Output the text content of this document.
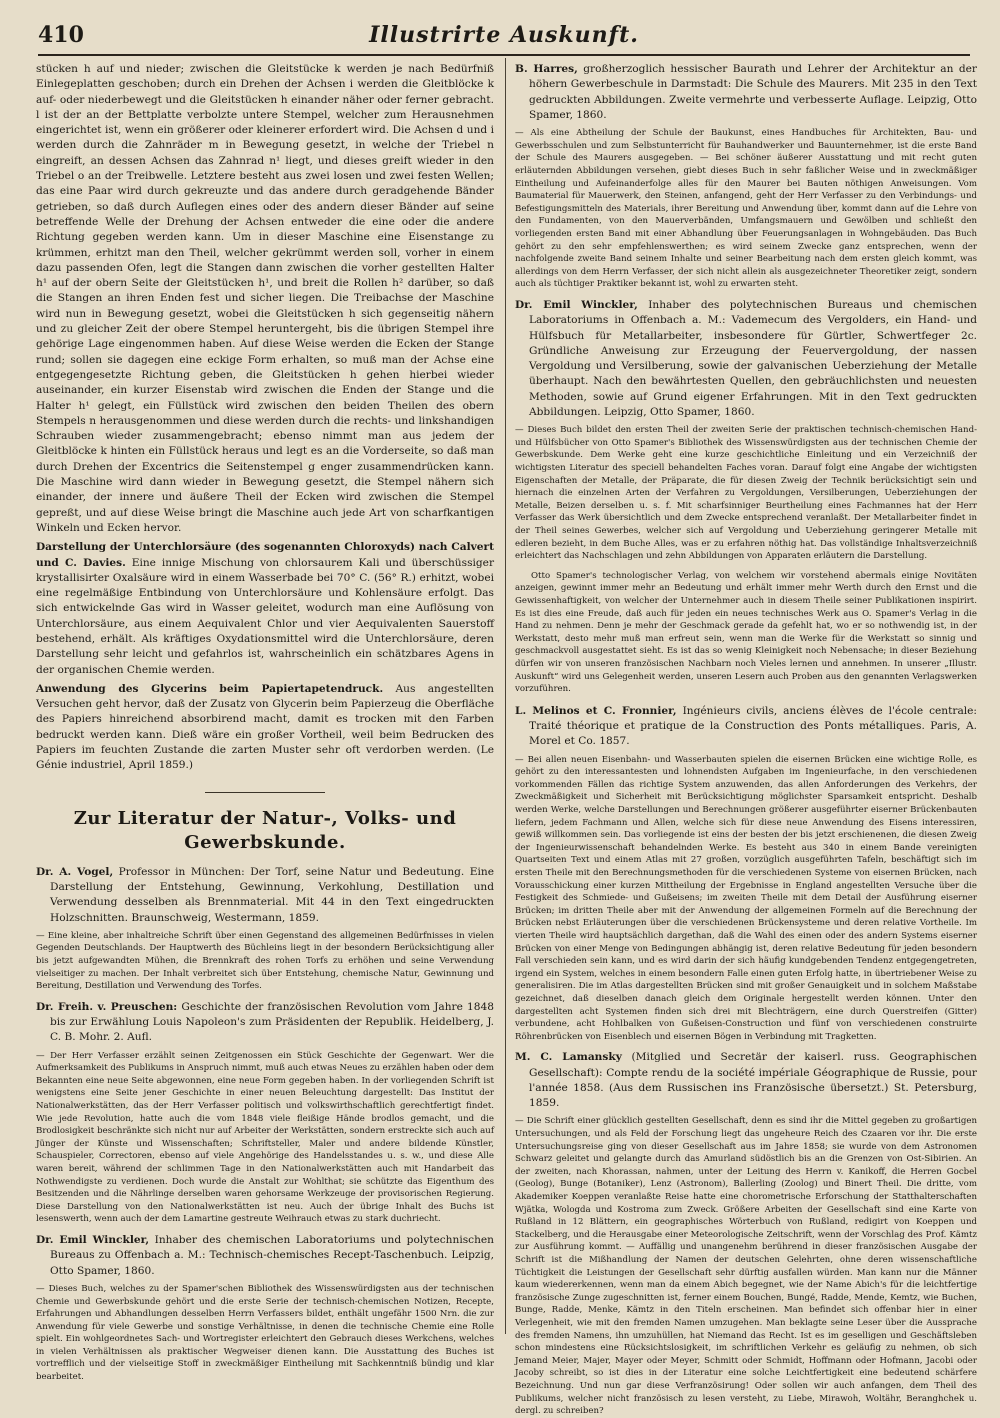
410	Illustrirte Auskunft.

stücken h auf und nieder; zwischen die Gleitstücke k werden je nach Bedürfniß Einlegeplatten geschoben; durch ein Drehen der Achsen i werden die Gleitblöcke k auf- oder niederbewegt und die Gleitstücken h einander näher oder ferner gebracht. l ist der an der Bettplatte verbolzte untere Stempel, welcher zum Herausnehmen eingerichtet ist, wenn ein größerer oder kleinerer erfordert wird. Die Achsen d und i werden durch die Zahnräder m in Bewegung gesetzt, in welche der Triebel n eingreift, an dessen Achsen das Zahnrad n¹ liegt, und dieses greift wieder in den Triebel o an der Treibwelle. Letztere besteht aus zwei losen und zwei festen Wellen; das eine Paar wird durch gekreuzte und das andere durch geradgehende Bänder getrieben, so daß durch Auflegen eines oder des andern dieser Bänder auf seine betreffende Welle der Drehung der Achsen entweder die eine oder die andere Richtung gegeben werden kann. Um in dieser Maschine eine Eisenstange zu krümmen, erhitzt man den Theil, welcher gekrümmt werden soll, vorher in einem dazu passenden Ofen, legt die Stangen dann zwischen die vorher gestellten Halter h¹ auf der obern Seite der Gleitstücken h¹, und breit die Rollen h² darüber, so daß die Stangen an ihren Enden fest und sicher liegen. Die Treibachse der Maschine wird nun in Bewegung gesetzt, wobei die Gleitstücken h sich gegenseitig nähern und zu gleicher Zeit der obere Stempel heruntergeht, bis die übrigen Stempel ihre gehörige Lage eingenommen haben. Auf diese Weise werden die Ecken der Stange rund; sollen sie dagegen eine eckige Form erhalten, so muß man der Achse eine entgegengesetzte Richtung geben, die Gleitstücken h gehen hierbei wieder auseinander, ein kurzer Eisenstab wird zwischen die Enden der Stange und die Halter h¹ gelegt, ein Füllstück wird zwischen den beiden Theilen des obern Stempels n herausgenommen und diese werden durch die rechts- und linkshandigen Schrauben wieder zusammengebracht; ebenso nimmt man aus jedem der Gleitblöcke k hinten ein Füllstück heraus und legt es an die Vorderseite, so daß man durch Drehen der Excentrics die Seitenstempel g enger zusammendrücken kann. Die Maschine wird dann wieder in Bewegung gesetzt, die Stempel nähern sich einander, der innere und äußere Theil der Ecken wird zwischen die Stempel gepreßt, und auf diese Weise bringt die Maschine auch jede Art von scharfkantigen Winkeln und Ecken hervor.

Darstellung der Unterchlorsäure (des sogenannten Chloroxyds) nach Calvert und C. Davies. Eine innige Mischung von chlorsaurem Kali und überschüssiger krystallisirter Oxalsäure wird in einem Wasserbade bei 70° C. (56° R.) erhitzt, wobei eine regelmäßige Entbindung von Unterchlorsäure und Kohlensäure erfolgt. Das sich entwickelnde Gas wird in Wasser geleitet, wodurch man eine Auflösung von Unterchlorsäure, aus einem Aequivalent Chlor und vier Aequivalenten Sauerstoff bestehend, erhält. Als kräftiges Oxydationsmittel wird die Unterchlorsäure, deren Darstellung sehr leicht und gefahrlos ist, wahrscheinlich ein schätzbares Agens in der organischen Chemie werden.

Anwendung des Glycerins beim Papiertapetendruck. Aus angestellten Versuchen geht hervor, daß der Zusatz von Glycerin beim Papierzeug die Oberfläche des Papiers hinreichend absorbirend macht, damit es trocken mit den Farben bedruckt werden kann. Dieß wäre ein großer Vortheil, weil beim Bedrucken des Papiers im feuchten Zustande die zarten Muster sehr oft verdorben werden. (Le Génie industriel, April 1859.)

Zur Literatur der Natur-, Volks- und Gewerbskunde.

Dr. A. Vogel, Professor in München: Der Torf, seine Natur und Bedeutung. Eine Darstellung der Entstehung, Gewinnung, Verkohlung, Destillation und Verwendung desselben als Brennmaterial. Mit 44 in den Text eingedruckten Holzschnitten. Braunschweig, Westermann, 1859.

— Eine kleine, aber inhaltreiche Schrift über einen Gegenstand des allgemeinen Bedürfnisses in vielen Gegenden Deutschlands. Der Hauptwerth des Büchleins liegt in der besondern Berücksichtigung aller bis jetzt aufgewandten Mühen, die Brennkraft des rohen Torfs zu erhöhen und seine Verwendung vielseitiger zu machen. Der Inhalt verbreitet sich über Entstehung, chemische Natur, Gewinnung und Bereitung, Destillation und Verwendung des Torfes.

Dr. Freih. v. Preuschen: Geschichte der französischen Revolution vom Jahre 1848 bis zur Erwählung Louis Napoleon's zum Präsidenten der Republik. Heidelberg, J. C. B. Mohr. 2. Aufl.

— Der Herr Verfasser erzählt seinen Zeitgenossen ein Stück Geschichte der Gegenwart. Wer die Aufmerksamkeit des Publikums in Anspruch nimmt, muß auch etwas Neues zu erzählen haben oder dem Bekannten eine neue Seite abgewonnen, eine neue Form gegeben haben. In der vorliegenden Schrift ist wenigstens eine Seite jener Geschichte in einer neuen Beleuchtung dargestellt: Das Institut der Nationalwerkstätten, das der Herr Verfasser politisch und volkswirthschaftlich gerechtfertigt findet. Wie jede Revolution, hatte auch die vom 1848 viele fleißige Hände brodlos gemacht, und die Brodlosigkeit beschränkte sich nicht nur auf Arbeiter der Werkstätten, sondern erstreckte sich auch auf Jünger der Künste und Wissenschaften; Schriftsteller, Maler und andere bildende Künstler, Schauspieler, Correctoren, ebenso auf viele Angehörige des Handelsstandes u. s. w., und diese Alle waren bereit, während der schlimmen Tage in den Nationalwerkstätten auch mit Handarbeit das Nothwendigste zu verdienen. Doch wurde die Anstalt zur Wohlthat; sie schützte das Eigenthum des Besitzenden und die Nährlinge derselben waren gehorsame Werkzeuge der provisorischen Regierung. Diese Darstellung von den Nationalwerkstätten ist neu. Auch der übrige Inhalt des Buchs ist lesenswerth, wenn auch der dem Lamartine gestreute Weihrauch etwas zu stark duchriecht.

Dr. Emil Winckler, Inhaber des chemischen Laboratoriums und polytechnischen Bureaus zu Offenbach a. M.: Technisch-chemisches Recept-Taschenbuch. Leipzig, Otto Spamer, 1860.

— Dieses Buch, welches zu der Spamer'schen Bibliothek des Wissenswürdigsten aus der technischen Chemie und Gewerbskunde gehört und die erste Serie der technisch-chemischen Notizen, Recepte, Erfahrungen und Abhandlungen desselben Herrn Verfassers bildet, enthält ungefähr 1500 Nrn. die zur Anwendung für viele Gewerbe und sonstige Verhältnisse, in denen die technische Chemie eine Rolle spielt. Ein wohlgeordnetes Sach- und Wortregister erleichtert den Gebrauch dieses Werkchens, welches in vielen Verhältnissen als praktischer Wegweiser dienen kann. Die Ausstattung des Buches ist vortrefflich und der vielseitige Stoff in zweckmäßiger Eintheilung mit Sachkenntniß bündig und klar bearbeitet.

B. Harres, großherzoglich hessischer Baurath und Lehrer der Architektur an der höhern Gewerbeschule in Darmstadt: Die Schule des Maurers. Mit 235 in den Text gedruckten Abbildungen. Zweite vermehrte und verbesserte Auflage. Leipzig, Otto Spamer, 1860.

— Als eine Abtheilung der Schule der Baukunst, eines Handbuches für Architekten, Bau- und Gewerbsschulen und zum Selbstunterricht für Bauhandwerker und Bauunternehmer, ist die erste Band der Schule des Maurers ausgegeben. — Bei schöner äußerer Ausstattung und mit recht guten erläuternden Abbildungen versehen, giebt dieses Buch in sehr faßlicher Weise und in zweckmäßiger Eintheilung und Aufeinanderfolge alles für den Maurer bei Bauten nöthigen Anweisungen. Vom Baumaterial für Mauerwerk, den Steinen, anfangend, geht der Herr Verfasser zu den Verbindungs- und Befestigungsmitteln des Materials, ihrer Bereitung und Anwendung über, kommt dann auf die Lehre von den Fundamenten, von den Mauerverbänden, Umfangsmauern und Gewölben und schließt den vorliegenden ersten Band mit einer Abhandlung über Feuerungsanlagen in Wohngebäuden. Das Buch gehört zu den sehr empfehlenswerthen; es wird seinem Zwecke ganz entsprechen, wenn der nachfolgende zweite Band seinem Inhalte und seiner Bearbeitung nach dem ersten gleich kommt, was allerdings von dem Herrn Verfasser, der sich nicht allein als ausgezeichneter Theoretiker zeigt, sondern auch als tüchtiger Praktiker bekannt ist, wohl zu erwarten steht.

Dr. Emil Winckler, Inhaber des polytechnischen Bureaus und chemischen Laboratoriums in Offenbach a. M.: Vademecum des Vergolders, ein Hand- und Hülfsbuch für Metallarbeiter, insbesondere für Gürtler, Schwertfeger 2c. Gründliche Anweisung zur Erzeugung der Feuervergoldung, der nassen Vergoldung und Versilberung, sowie der galvanischen Ueberziehung der Metalle überhaupt. Nach den bewährtesten Quellen, den gebräuchlichsten und neuesten Methoden, sowie auf Grund eigener Erfahrungen. Mit in den Text gedruckten Abbildungen. Leipzig, Otto Spamer, 1860.

— Dieses Buch bildet den ersten Theil der zweiten Serie der praktischen technisch-chemischen Hand- und Hülfsbücher von Otto Spamer's Bibliothek des Wissenswürdigsten aus der technischen Chemie der Gewerbskunde. Dem Werke geht eine kurze geschichtliche Einleitung und ein Verzeichniß der wichtigsten Literatur des speciell behandelten Faches voran. Darauf folgt eine Angabe der wichtigsten Eigenschaften der Metalle, der Präparate, die für diesen Zweig der Technik berücksichtigt sein und hiernach die einzelnen Arten der Verfahren zu Vergoldungen, Versilberungen, Ueberziehungen der Metalle, Beizen derselben u. s. f. Mit scharfsinniger Beurtheilung eines Fachmannes hat der Herr Verfasser das Werk übersichtlich und dem Zwecke entsprechend veranlaßt. Der Metallarbeiter findet in der Theil seines Gewerbes, welcher sich auf Vergoldung und Ueberziehung geringerer Metalle mit edleren bezieht, in dem Buche Alles, was er zu erfahren nöthig hat. Das vollständige Inhaltsverzeichniß erleichtert das Nachschlagen und zehn Abbildungen von Apparaten erläutern die Darstellung.

Otto Spamer's technologischer Verlag, von welchem wir vorstehend abermals einige Novitäten anzeigen, gewinnt immer mehr an Bedeutung und erhält immer mehr Werth durch den Ernst und die Gewissenhaftigkeit, von welcher der Unternehmer auch in diesem Theile seiner Publikationen inspirirt. Es ist dies eine Freude, daß auch für jeden ein neues technisches Werk aus O. Spamer's Verlag in die Hand zu nehmen. Denn je mehr der Geschmack gerade da gefehlt hat, wo er so nothwendig ist, in der Werkstatt, desto mehr muß man erfreut sein, wenn man die Werke für die Werkstatt so sinnig und geschmackvoll ausgestattet sieht. Es ist das so wenig Kleinigkeit noch Nebensache; in dieser Beziehung dürfen wir von unseren französischen Nachbarn noch Vieles lernen und annehmen. In unserer „Illustr. Auskunft“ wird uns Gelegenheit werden, unseren Lesern auch Proben aus den genannten Verlagswerken vorzuführen.

L. Melinos et C. Fronnier, Ingénieurs civils, anciens élèves de l'école centrale: Traité théorique et pratique de la Construction des Ponts métalliques. Paris, A. Morel et Co. 1857.

— Bei allen neuen Eisenbahn- und Wasserbauten spielen die eisernen Brücken eine wichtige Rolle, es gehört zu den interessantesten und lohnendsten Aufgaben im Ingenieurfache, in den verschiedenen vorkommenden Fällen das richtige System anzuwenden, das allen Anforderungen des Verkehrs, der Zweckmäßigkeit und Sicherheit mit Berücksichtigung möglichster Sparsamkeit entspricht. Deshalb werden Werke, welche Darstellungen und Berechnungen größerer ausgeführter eiserner Brückenbauten liefern, jedem Fachmann und Allen, welche sich für diese neue Anwendung des Eisens interessiren, gewiß willkommen sein. Das vorliegende ist eins der besten der bis jetzt erschienenen, die diesen Zweig der Ingenieurwissenschaft behandelnden Werke. Es besteht aus 340 in einem Bande vereinigten Quartseiten Text und einem Atlas mit 27 großen, vorzüglich ausgeführten Tafeln, beschäftigt sich im ersten Theile mit den Berechnungsmethoden für die verschiedenen Systeme von eisernen Brücken, nach Vorausschickung einer kurzen Mittheilung der Ergebnisse in England angestellten Versuche über die Festigkeit des Schmiede- und Gußeisens; im zweiten Theile mit dem Detail der Ausführung eiserner Brücken; im dritten Theile aber mit der Anwendung der allgemeinen Formeln auf die Berechnung der Brücken nebst Erläuterungen über die verschiedenen Brückensysteme und deren relative Vortheile. Im vierten Theile wird hauptsächlich dargethan, daß die Wahl des einen oder des andern Systems eiserner Brücken von einer Menge von Bedingungen abhängig ist, deren relative Bedeutung für jeden besondern Fall verschieden sein kann, und es wird darin der sich häufig kundgebenden Tendenz entgegengetreten, irgend ein System, welches in einem besondern Falle einen guten Erfolg hatte, in übertriebener Weise zu generalisiren. Die im Atlas dargestellten Brücken sind mit großer Genauigkeit und in solchem Maßstabe gezeichnet, daß dieselben danach gleich dem Originale hergestellt werden können. Unter den dargestellten acht Systemen finden sich drei mit Blechträgern, eine durch Querstreifen (Gitter) verbundene, acht Hohlbalken von Gußeisen-Construction und fünf von verschiedenen construirte Röhrenbrücken von Eisenblech und eisernen Bögen in Verbindung mit Tragketten.

M. C. Lamansky (Mitglied und Secretär der kaiserl. russ. Geographischen Gesellschaft): Compte rendu de la société impériale Géographique de Russie, pour l'année 1858. (Aus dem Russischen ins Französische übersetzt.) St. Petersburg, 1859.

— Die Schrift einer glücklich gestellten Gesellschaft, denn es sind ihr die Mittel gegeben zu großartigen Untersuchungen, und als Feld der Forschung liegt das ungeheure Reich des Czaaren vor ihr. Die erste Untersuchungsreise ging von dieser Gesellschaft aus im Jahre 1858; sie wurde von dem Astronomen Schwarz geleitet und gelangte durch das Amurland südöstlich bis an die Grenzen von Ost-Sibirien. An der zweiten, nach Khorassan, nahmen, unter der Leitung des Herrn v. Kanikoff, die Herren Gocbel (Geolog), Bunge (Botaniker), Lenz (Astronom), Ballerling (Zoolog) und Binert Theil. Die dritte, vom Akademiker Koeppen veranlaßte Reise hatte eine chorometrische Erforschung der Statthalterschaften Wjätka, Wologda und Kostroma zum Zweck. Größere Arbeiten der Gesellschaft sind eine Karte von Rußland in 12 Blättern, ein geographisches Wörterbuch von Rußland, redigirt von Koeppen und Stackelberg, und die Herausgabe einer Meteorologische Zeitschrift, wenn der Vorschlag des Prof. Kämtz zur Ausführung kommt. — Auffällig und unangenehm berührend in dieser französischen Ausgabe der Schrift ist die Mißhandlung der Namen der deutschen Gelehrten, ohne deren wissenschaftliche Tüchtigkeit die Leistungen der Gesellschaft sehr dürftig ausfallen würden. Man kann nur die Männer kaum wiedererkennen, wenn man da einem Abich begegnet, wie der Name Abich's für die leichtfertige französische Zunge zugeschnitten ist, ferner einem Bouchen, Bungé, Radde, Mende, Kemtz, wie Buchen, Bunge, Radde, Menke, Kämtz in den Titeln erscheinen. Man befindet sich offenbar hier in einer Verlegenheit, wie mit den fremden Namen umzugehen. Man beklagte seine Leser über die Aussprache des fremden Namens, ihn umzuhüllen, hat Niemand das Recht. Ist es im geselligen und Geschäftsleben schon mindestens eine Rücksichtslosigkeit, im schriftlichen Verkehr es geläufig zu nehmen, ob sich Jemand Meier, Majer, Mayer oder Meyer, Schmitt oder Schmidt, Hoffmann oder Hofmann, Jacobi oder Jacoby schreibt, so ist dies in der Literatur eine solche Leichtfertigkeit eine bedeutend schärfere Bezeichnung. Und nun gar diese Verfranzösirung! Oder sollen wir auch anfangen, dem Theil des Publikums, welcher nicht französisch zu lesen versteht, zu Liebe, Mirawoh, Woltähr, Beranghchek u. dergl. zu schreiben?
